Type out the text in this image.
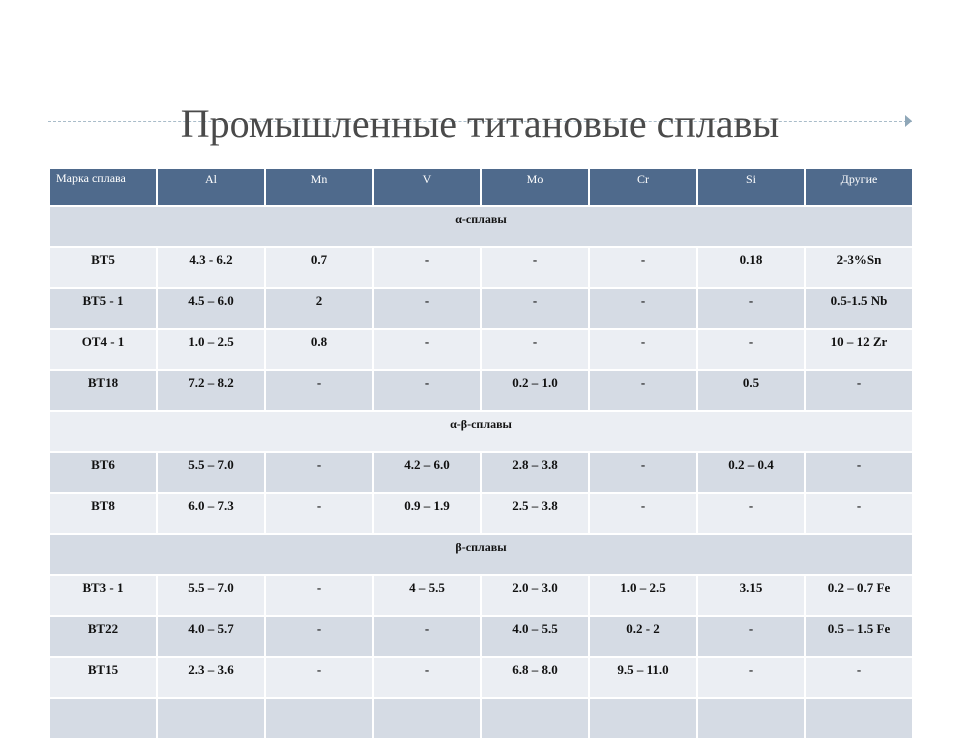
Промышленные титановые сплавы
Марка сплава	Al	Mn	V	Mo	Cr	Si	Другие
α-сплавы							
ВТ5	4.3 - 6.2	0.7	-	-	-	0.18	2-3%Sn
ВТ5 - 1	4.5 – 6.0	2	-	-	-	-	0.5-1.5 Nb
ОТ4 - 1	1.0 – 2.5	0.8	-	-	-	-	10 – 12 Zr
ВТ18	7.2 – 8.2	-	-	0.2 – 1.0	-	0.5	-
α-β-сплавы							
ВТ6	5.5 – 7.0	-	4.2 – 6.0	2.8 – 3.8	-	0.2 – 0.4	-
ВТ8	6.0 – 7.3	-	0.9 – 1.9	2.5 – 3.8	-	-	-
β-сплавы							
ВТ3 - 1	5.5 – 7.0	-	4 – 5.5	2.0 – 3.0	1.0 – 2.5	3.15	0.2 – 0.7 Fe
ВТ22	4.0 – 5.7	-	-	4.0 – 5.5	0.2 - 2	-	0.5 – 1.5 Fe
ВТ15	2.3 – 3.6	-	-	6.8 – 8.0	9.5 – 11.0	-	-
